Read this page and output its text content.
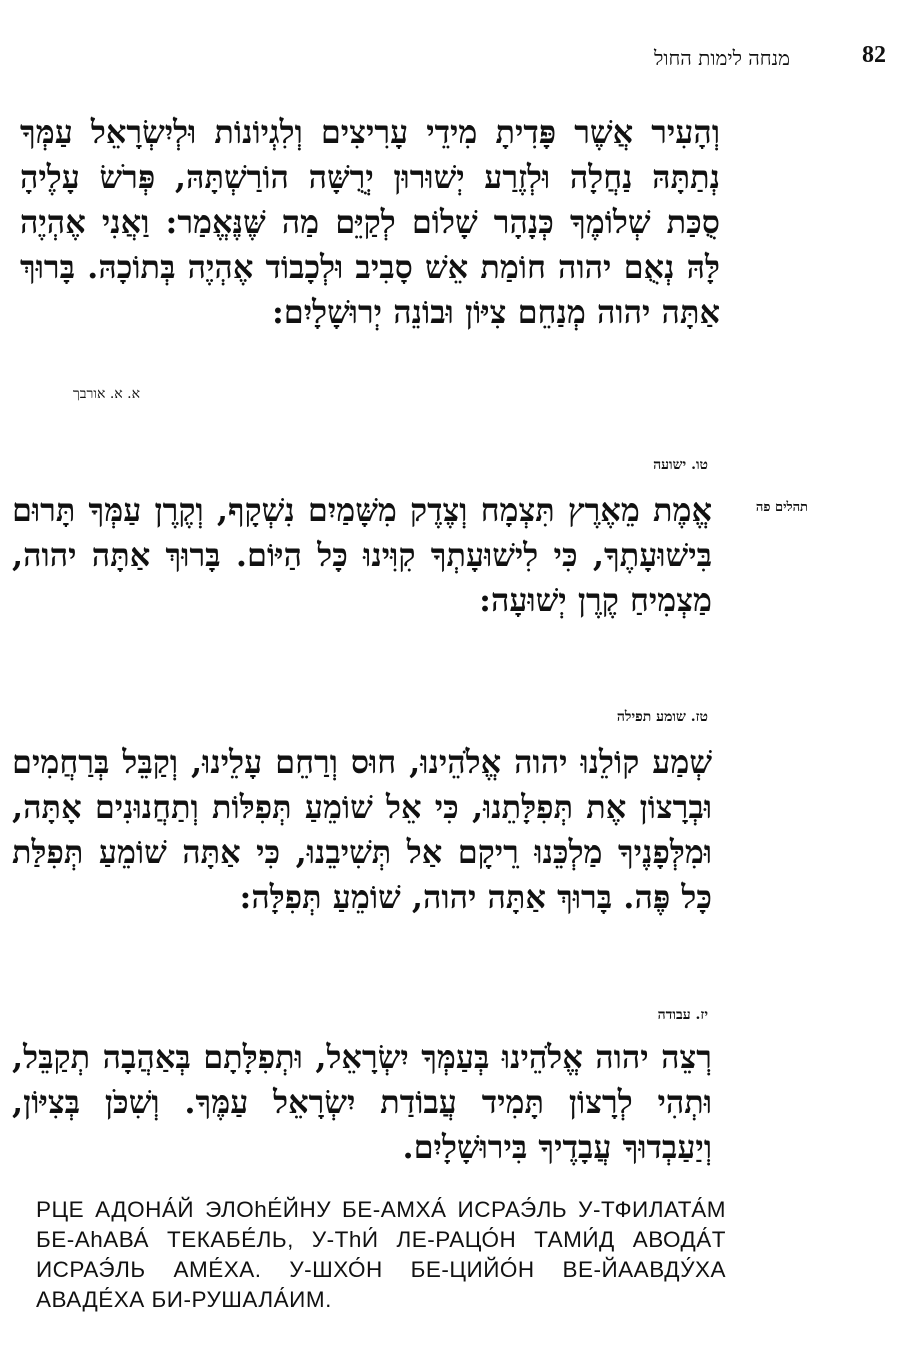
82
מנחה לימות החול
וְהָעִיר אֲשֶׁר פָּדִיתָ מִידֵי עָרִיצִים וְלִגְיוֹנוֹת וּלְיִשְׂרָאֵל עַמְּךָ נְתַתָּהּ נַחֲלָה וּלְזֶרַע יְשׁוּרוּן יְרֻשָּׁה הוֹרַשְׁתָּהּ, פְּרֹשׂ עָלֶיהָ סֻכַּת שְׁלוֹמֶךָ כְּנָהָר שָׁלוֹם לְקַיֵּם מַה שֶּׁנֶּאֱמַר: וַאֲנִי אֶהְיֶה לָּהּ נְאֻם יהוה חוֹמַת אֵשׁ סָבִיב וּלְכָבוֹד אֶהְיֶה בְּתוֹכָהּ. בָּרוּךְ אַתָּה יהוה מְנַחֵם צִיּוֹן וּבוֹנֵה יְרוּשָׁלָיִם:
א. א. אורבך
טו. ישועה
תהלים פה
אֱמֶת מֵאֶרֶץ תִּצְמָח וְצֶדֶק מִשָּׁמַיִם נִשְׁקָף, וְקֶרֶן עַמְּךָ תָּרוּם בִּישׁוּעָתֶךָ, כִּי לִישׁוּעָתְךָ קִוִּינוּ כָּל הַיּוֹם. בָּרוּךְ אַתָּה יהוה, מַצְמִיחַ קֶרֶן יְשׁוּעָה:
טז. שומע תפילה
שְׁמַע קוֹלֵנוּ יהוה אֱלֹהֵינוּ, חוּס וְרַחֵם עָלֵינוּ, וְקַבֵּל בְּרַחֲמִים וּבְרָצוֹן אֶת תְּפִלָּתֵנוּ, כִּי אֵל שׁוֹמֵעַ תְּפִלּוֹת וְתַחֲנוּנִים אָתָּה, וּמִלְּפָנֶיךָ מַלְכֵּנוּ רֵיקָם אַל תְּשִׁיבֵנוּ, כִּי אַתָּה שׁוֹמֵעַ תְּפִלַּת כָּל פֶּה. בָּרוּךְ אַתָּה יהוה, שׁוֹמֵעַ תְּפִלָּה:
יז. עבודה
רְצֵה יהוה אֱלֹהֵינוּ בְּעַמְּךָ יִשְׂרָאֵל, וּתְפִלָּתָם בְּאַהֲבָה תְקַבֵּל, וּתְהִי לְרָצוֹן תָּמִיד עֲבוֹדַת יִשְׂרָאֵל עַמֶּךָ. וְשִׁכֹּן בְּצִיּוֹן, וְיַעַבְדוּךָ עֲבָדֶיךָ בִּירוּשָׁלָיִם.
РЦЕ АДОНА́Й ЭЛОhЕ́ЙНУ БЕ-АМХА́ ИСРАЭ́ЛЬ У-ТФИЛАТА́М БЕ-АhАВА́ ТЕКАБЕ́ЛЬ, У-ТhИ́ ЛЕ-РАЦО́Н ТАМИ́Д АВОДА́Т ИСРАЭ́ЛЬ АМЕ́ХА. У-ШХО́Н БЕ-ЦИЙО́Н ВЕ-ЙААВДУ́ХА АВАДЕ́ХА БИ-РУШАЛА́ИМ.
